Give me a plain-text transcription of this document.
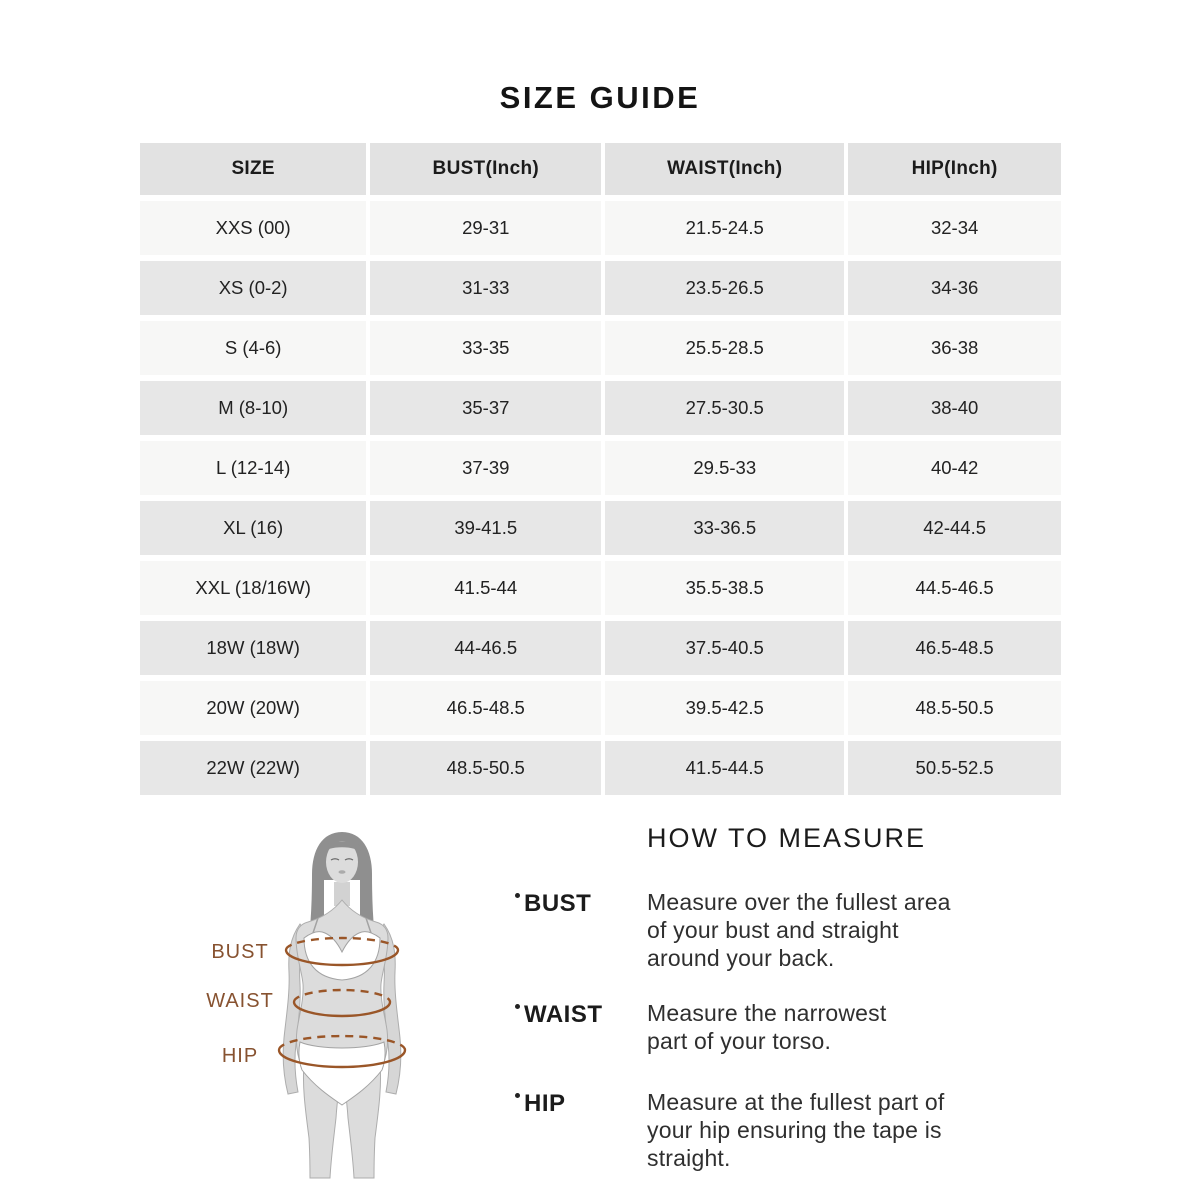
SIZE GUIDE
SIZE	BUST(Inch)	WAIST(Inch)	HIP(Inch)
XXS (00)	29-31	21.5-24.5	32-34
XS (0-2)	31-33	23.5-26.5	34-36
S (4-6)	33-35	25.5-28.5	36-38
M (8-10)	35-37	27.5-30.5	38-40
L (12-14)	37-39	29.5-33	40-42
XL (16)	39-41.5	33-36.5	42-44.5
XXL (18/16W)	41.5-44	35.5-38.5	44.5-46.5
18W (18W)	44-46.5	37.5-40.5	46.5-48.5
20W (20W)	46.5-48.5	39.5-42.5	48.5-50.5
22W (22W)	48.5-50.5	41.5-44.5	50.5-52.5
BUST
WAIST
HIP
HOW TO MEASURE
BUST	Measure over the fullest area of your bust and straight around your back.
WAIST	Measure the narrowest part of your torso.
HIP	Measure at the fullest part of your hip ensuring the tape is straight.
